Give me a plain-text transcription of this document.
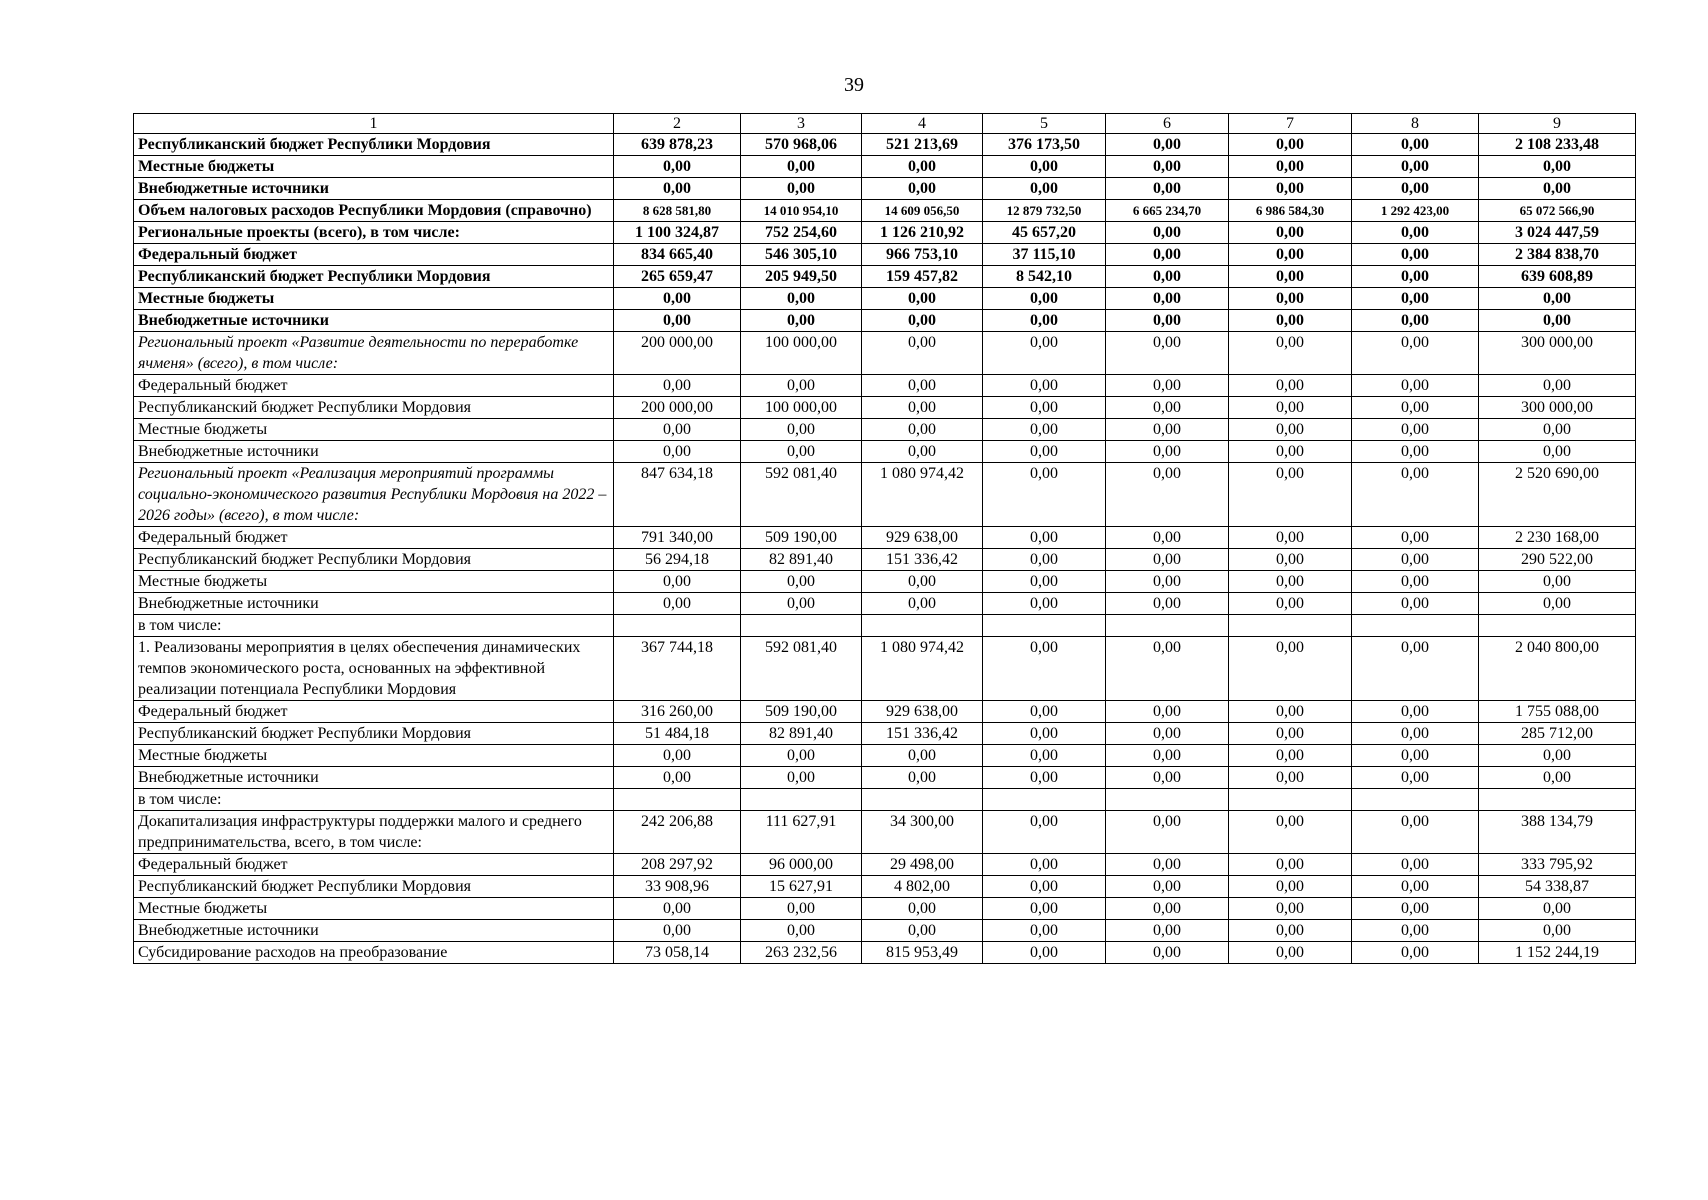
39
1	2	3	4	5	6	7	8	9
Республиканский бюджет Республики Мордовия	639 878,23	570 968,06	521 213,69	376 173,50	0,00	0,00	0,00	2 108 233,48
Местные бюджеты	0,00	0,00	0,00	0,00	0,00	0,00	0,00	0,00
Внебюджетные источники	0,00	0,00	0,00	0,00	0,00	0,00	0,00	0,00
Объем налоговых расходов Республики Мордовия (справочно)	8 628 581,80	14 010 954,10	14 609 056,50	12 879 732,50	6 665 234,70	6 986 584,30	1 292 423,00	65 072 566,90
Региональные проекты (всего), в том числе:	1 100 324,87	752 254,60	1 126 210,92	45 657,20	0,00	0,00	0,00	3 024 447,59
Федеральный бюджет	834 665,40	546 305,10	966 753,10	37 115,10	0,00	0,00	0,00	2 384 838,70
Республиканский бюджет Республики Мордовия	265 659,47	205 949,50	159 457,82	8 542,10	0,00	0,00	0,00	639 608,89
Местные бюджеты	0,00	0,00	0,00	0,00	0,00	0,00	0,00	0,00
Внебюджетные источники	0,00	0,00	0,00	0,00	0,00	0,00	0,00	0,00
Региональный проект «Развитие деятельности по переработке ячменя» (всего), в том числе:	200 000,00	100 000,00	0,00	0,00	0,00	0,00	0,00	300 000,00
Федеральный бюджет	0,00	0,00	0,00	0,00	0,00	0,00	0,00	0,00
Республиканский бюджет Республики Мордовия	200 000,00	100 000,00	0,00	0,00	0,00	0,00	0,00	300 000,00
Местные бюджеты	0,00	0,00	0,00	0,00	0,00	0,00	0,00	0,00
Внебюджетные источники	0,00	0,00	0,00	0,00	0,00	0,00	0,00	0,00
Региональный проект «Реализация мероприятий программы социально-экономического развития Республики Мордовия на 2022 – 2026 годы» (всего), в том числе:	847 634,18	592 081,40	1 080 974,42	0,00	0,00	0,00	0,00	2 520 690,00
Федеральный бюджет	791 340,00	509 190,00	929 638,00	0,00	0,00	0,00	0,00	2 230 168,00
Республиканский бюджет Республики Мордовия	56 294,18	82 891,40	151 336,42	0,00	0,00	0,00	0,00	290 522,00
Местные бюджеты	0,00	0,00	0,00	0,00	0,00	0,00	0,00	0,00
Внебюджетные источники	0,00	0,00	0,00	0,00	0,00	0,00	0,00	0,00
в том числе:								
1. Реализованы мероприятия в целях обеспечения динамических темпов экономического роста, основанных на эффективной реализации потенциала Республики Мордовия	367 744,18	592 081,40	1 080 974,42	0,00	0,00	0,00	0,00	2 040 800,00
Федеральный бюджет	316 260,00	509 190,00	929 638,00	0,00	0,00	0,00	0,00	1 755 088,00
Республиканский бюджет Республики Мордовия	51 484,18	82 891,40	151 336,42	0,00	0,00	0,00	0,00	285 712,00
Местные бюджеты	0,00	0,00	0,00	0,00	0,00	0,00	0,00	0,00
Внебюджетные источники	0,00	0,00	0,00	0,00	0,00	0,00	0,00	0,00
в том числе:								
Докапитализация инфраструктуры поддержки малого и среднего предпринимательства, всего, в том числе:	242 206,88	111 627,91	34 300,00	0,00	0,00	0,00	0,00	388 134,79
Федеральный бюджет	208 297,92	96 000,00	29 498,00	0,00	0,00	0,00	0,00	333 795,92
Республиканский бюджет Республики Мордовия	33 908,96	15 627,91	4 802,00	0,00	0,00	0,00	0,00	54 338,87
Местные бюджеты	0,00	0,00	0,00	0,00	0,00	0,00	0,00	0,00
Внебюджетные источники	0,00	0,00	0,00	0,00	0,00	0,00	0,00	0,00
Субсидирование расходов на преобразование	73 058,14	263 232,56	815 953,49	0,00	0,00	0,00	0,00	1 152 244,19
